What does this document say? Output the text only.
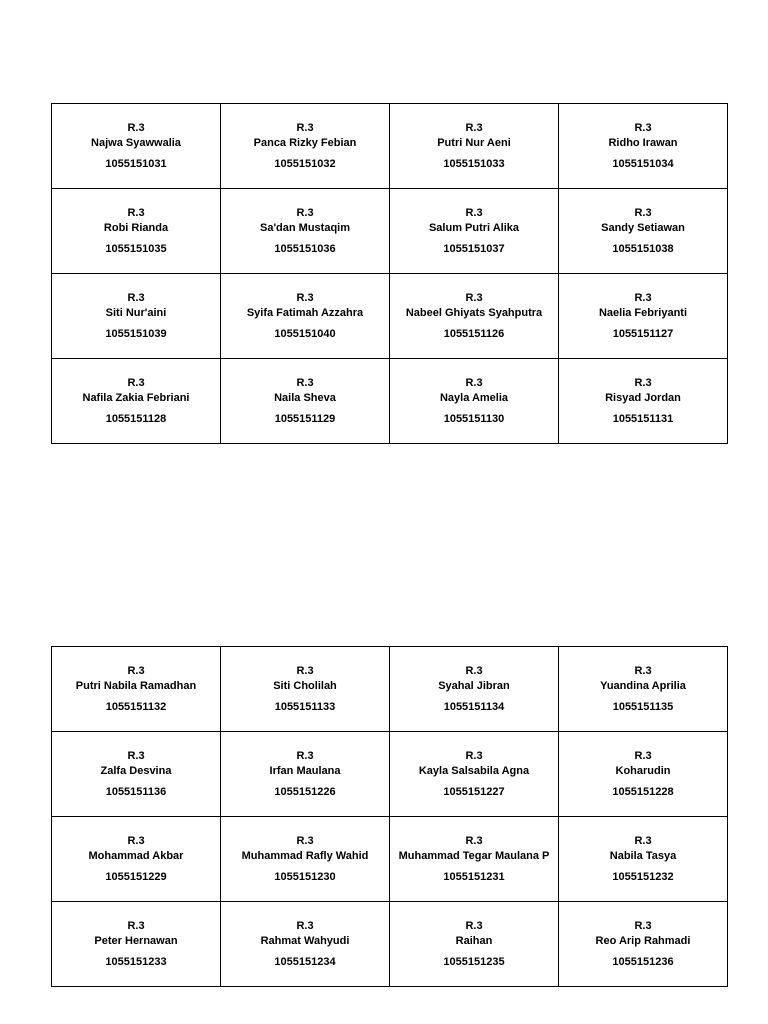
R.3
Najwa Syawwalia
1055151031	R.3
Panca Rizky Febian
1055151032	R.3
Putri Nur Aeni
1055151033	R.3
Ridho Irawan
1055151034

R.3
Robi Rianda
1055151035	R.3
Sa'dan Mustaqim
1055151036	R.3
Salum Putri Alika
1055151037	R.3
Sandy Setiawan
1055151038

R.3
Siti Nur'aini
1055151039	R.3
Syifa Fatimah Azzahra
1055151040	R.3
Nabeel Ghiyats Syahputra
1055151126	R.3
Naelia Febriyanti
1055151127

R.3
Nafila Zakia Febriani
1055151128	R.3
Naila Sheva
1055151129	R.3
Nayla Amelia
1055151130	R.3
Risyad Jordan
1055151131
R.3
Putri Nabila Ramadhan
1055151132	R.3
Siti Cholilah
1055151133	R.3
Syahal Jibran
1055151134	R.3
Yuandina Aprilia
1055151135

R.3
Zalfa Desvina
1055151136	R.3
Irfan Maulana
1055151226	R.3
Kayla Salsabila Agna
1055151227	R.3
Koharudin
1055151228

R.3
Mohammad Akbar
1055151229	R.3
Muhammad Rafly Wahid
1055151230	R.3
Muhammad Tegar Maulana P
1055151231	R.3
Nabila Tasya
1055151232

R.3
Peter Hernawan
1055151233	R.3
Rahmat Wahyudi
1055151234	R.3
Raihan
1055151235	R.3
Reo Arip Rahmadi
1055151236
